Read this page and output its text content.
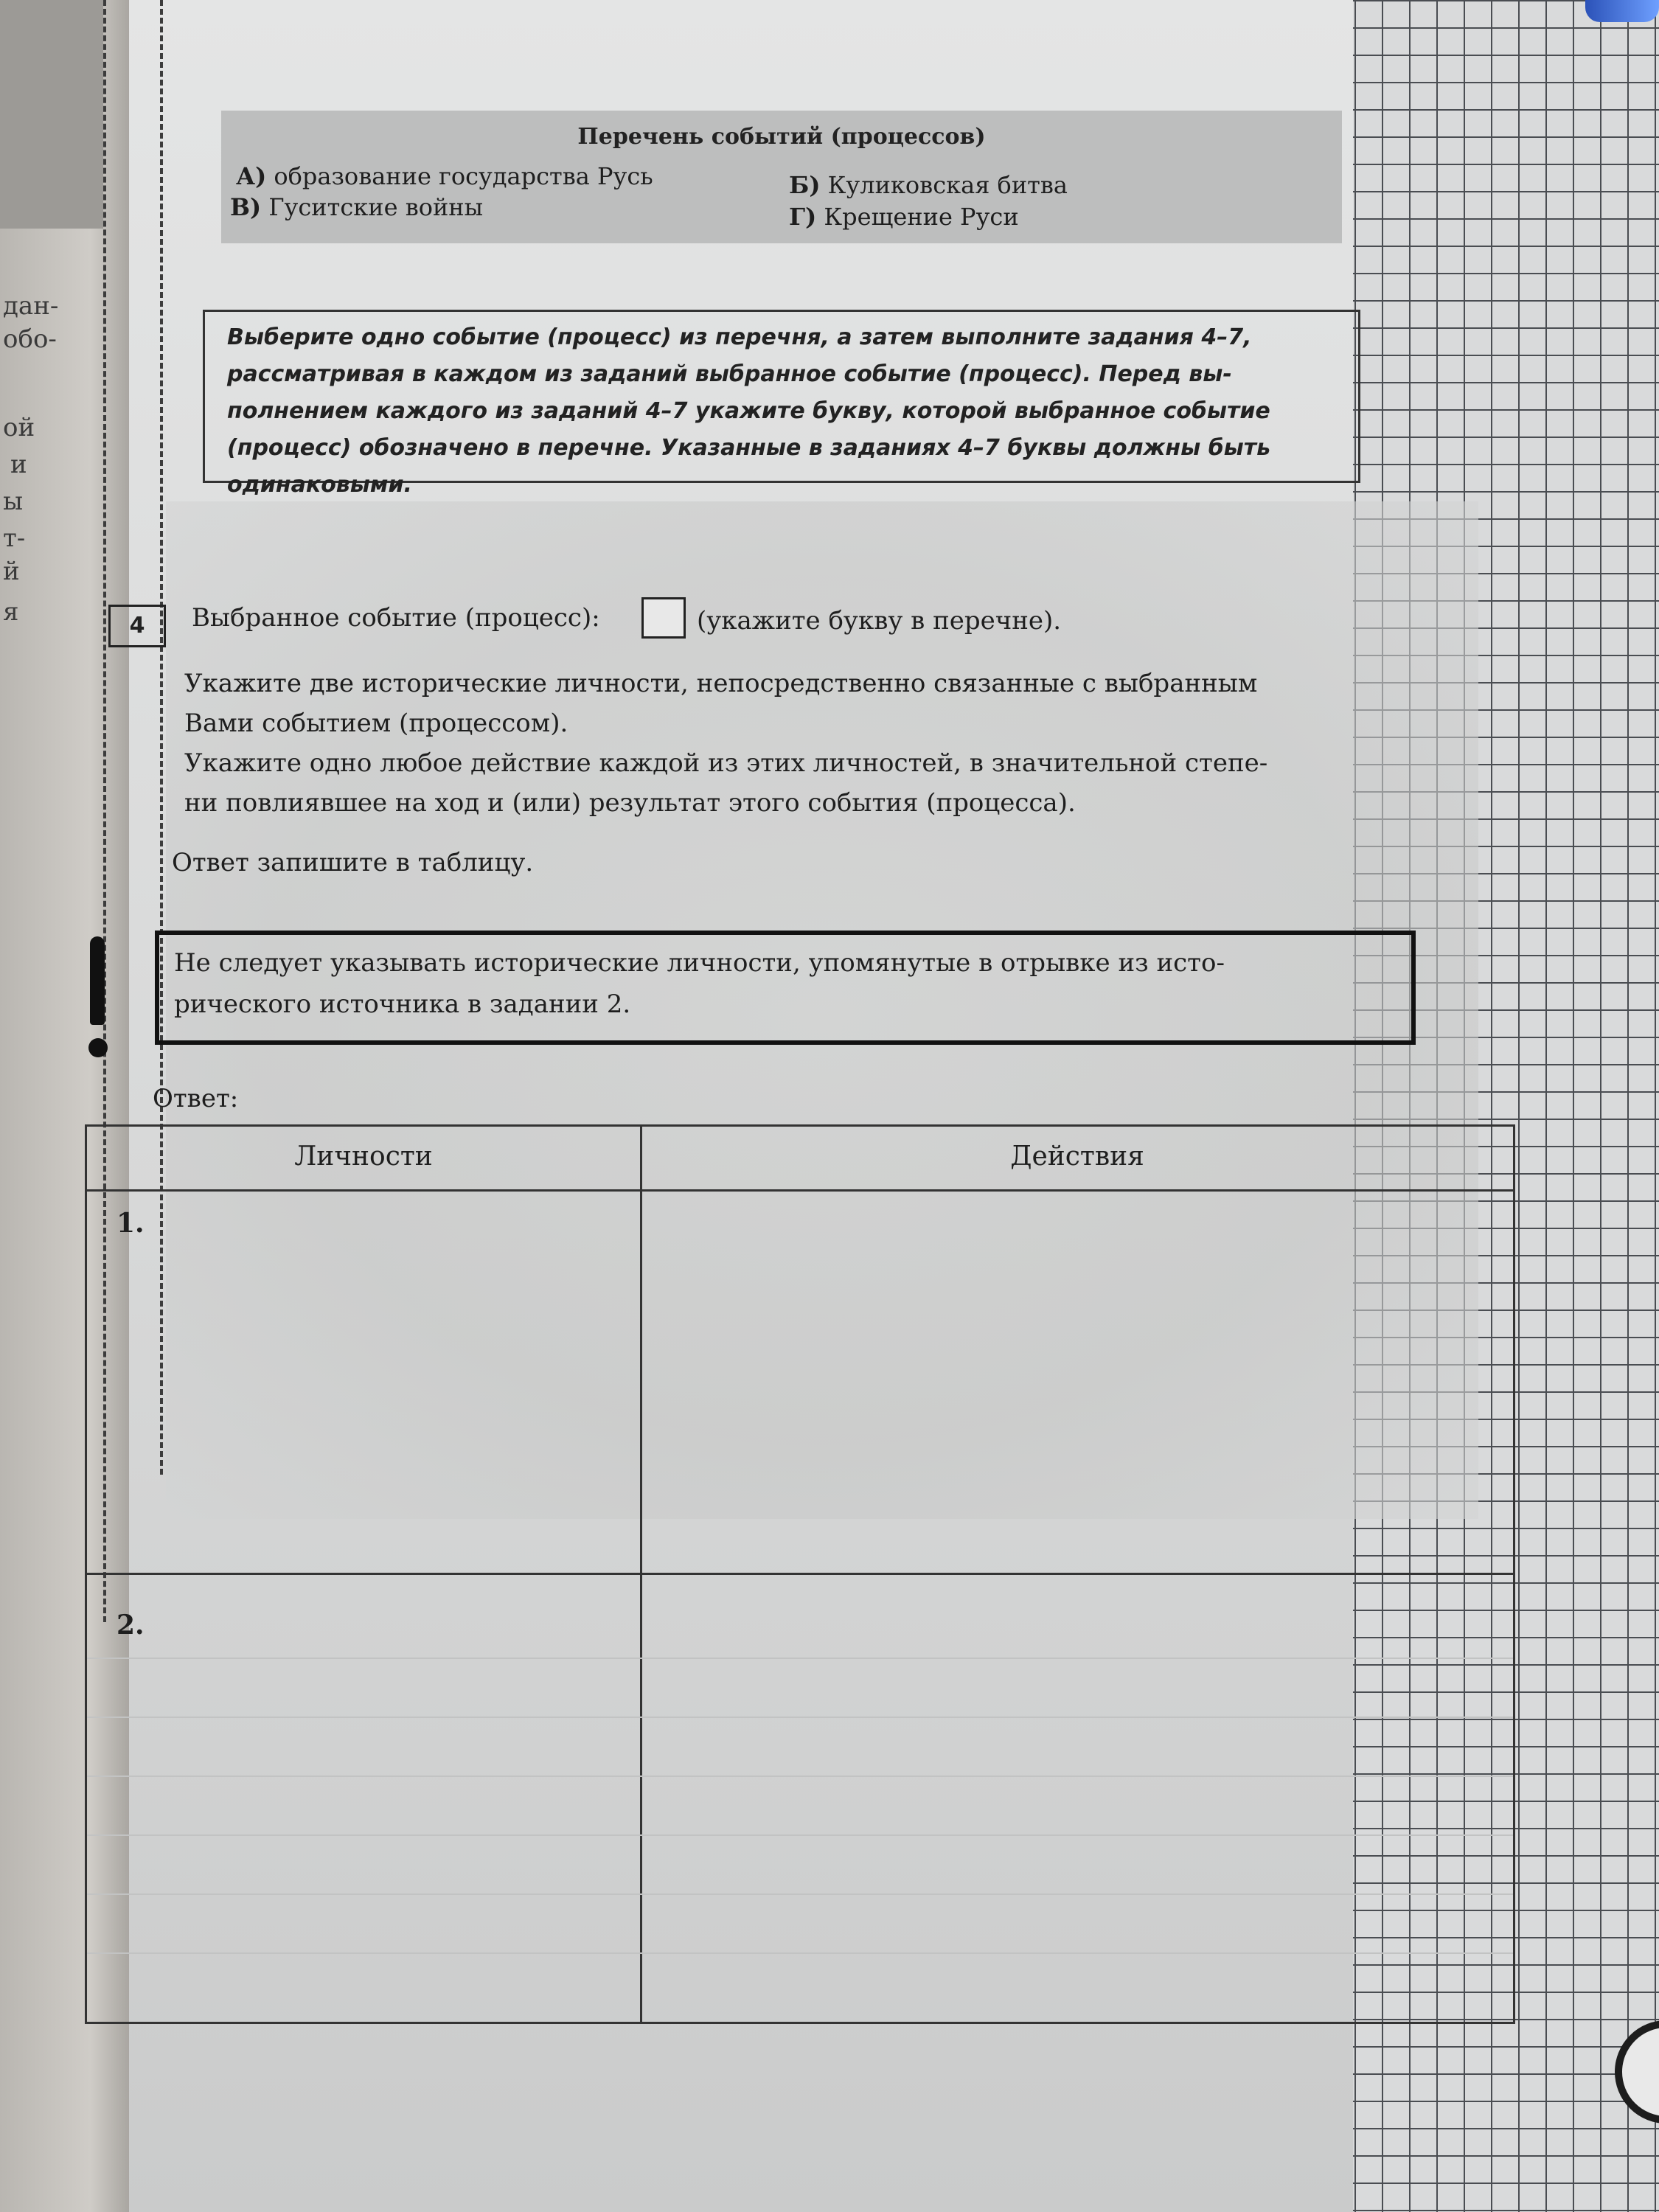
дан-
обо-
ой
и
ы
т-
й
я
Перечень событий (процессов)
А) образование государства Русь	Б) Куликовская битва
В) Гуситские войны	Г) Крещение Руси
Выберите одно событие (процесс) из перечня, а затем выполните задания 4–7,
рассматривая в каждом из заданий выбранное событие (процесс). Перед вы-
полнением каждого из заданий 4–7 укажите букву, которой выбранное событие
(процесс) обозначено в перечне. Указанные в заданиях 4–7 буквы должны быть
одинаковыми.
4	Выбранное событие (процесс):	(укажите букву в перечне).
Укажите две исторические личности, непосредственно связанные с выбранным
Вами событием (процессом).
Укажите одно любое действие каждой из этих личностей, в значительной степе-
ни повлиявшее на ход и (или) результат этого события (процесса).
Ответ запишите в таблицу.
Не следует указывать исторические личности, упомянутые в отрывке из исто-
рического источника в задании 2.
Ответ:
Личности	Действия
1.
2.
